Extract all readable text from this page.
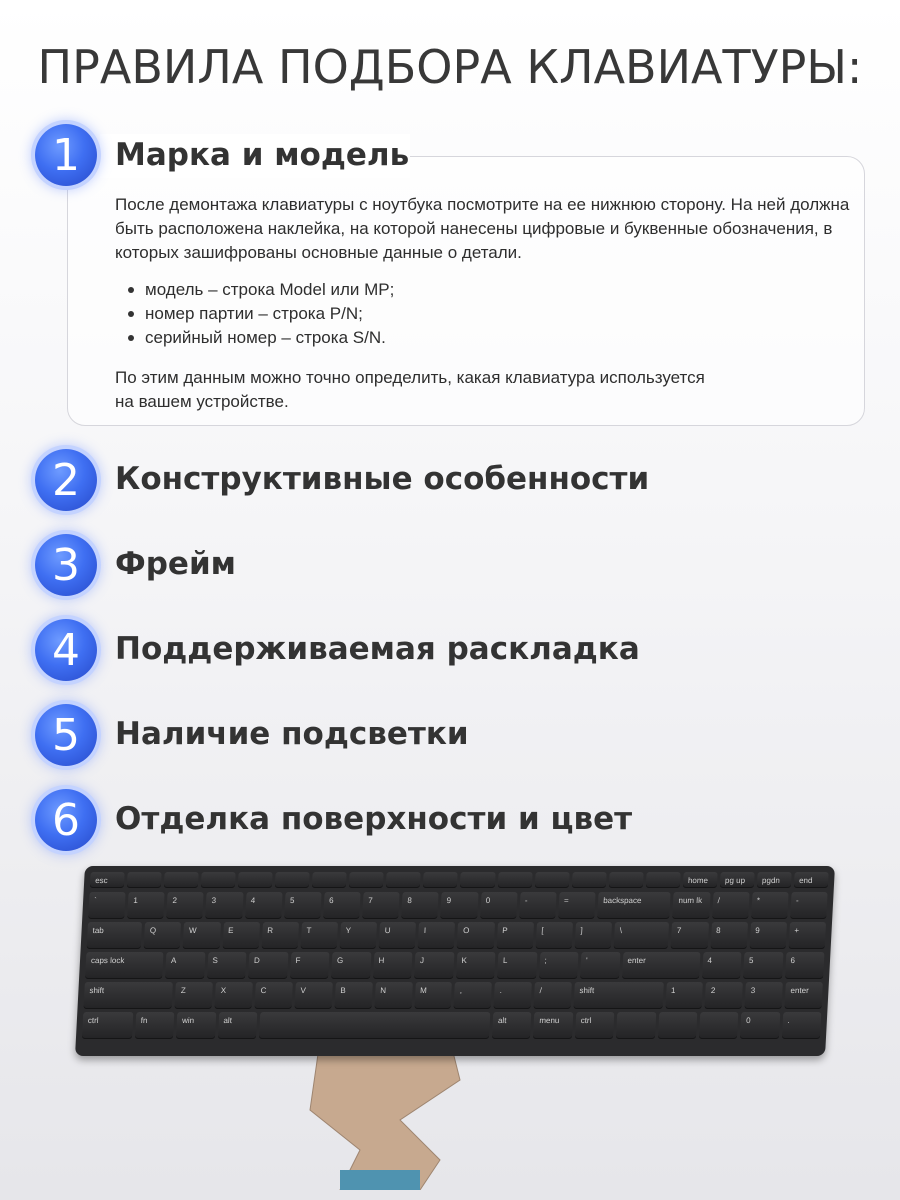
ПРАВИЛА ПОДБОРА КЛАВИАТУРЫ:
1	Марка и модель
После демонтажа клавиатуры с ноутбука посмотрите на ее нижнюю сторону. На ней должна быть расположена наклейка, на которой нанесены цифровые и буквенные обозначения, в которых зашифрованы основные данные о детали.
модель – строка Model или MP;
номер партии – строка P/N;
серийный номер – строка S/N.
По этим данным можно точно определить, какая клавиатура используется на вашем устройстве.
2	Конструктивные особенности
3	Фрейм
4	Поддерживаемая раскладка
5	Наличие подсветки
6	Отделка поверхности и цвет
esc	home pg up pgdn end
`	1	2	3	4	5	6	7	8	9	0	-	=	backspace	num lk /	*	-
tab	Q	W	E	R	T	Y	U	I	O	P	[	]	\	7	8	9	+
caps lock	A	S	D	F	G	H	J	K	L	;	'	enter	4	5	6
shift	Z	X	C	V	B	N	M	,	.	/	shift	1	2	3	enter
ctrl	fn	win	alt	alt	menu	ctrl	0	.
